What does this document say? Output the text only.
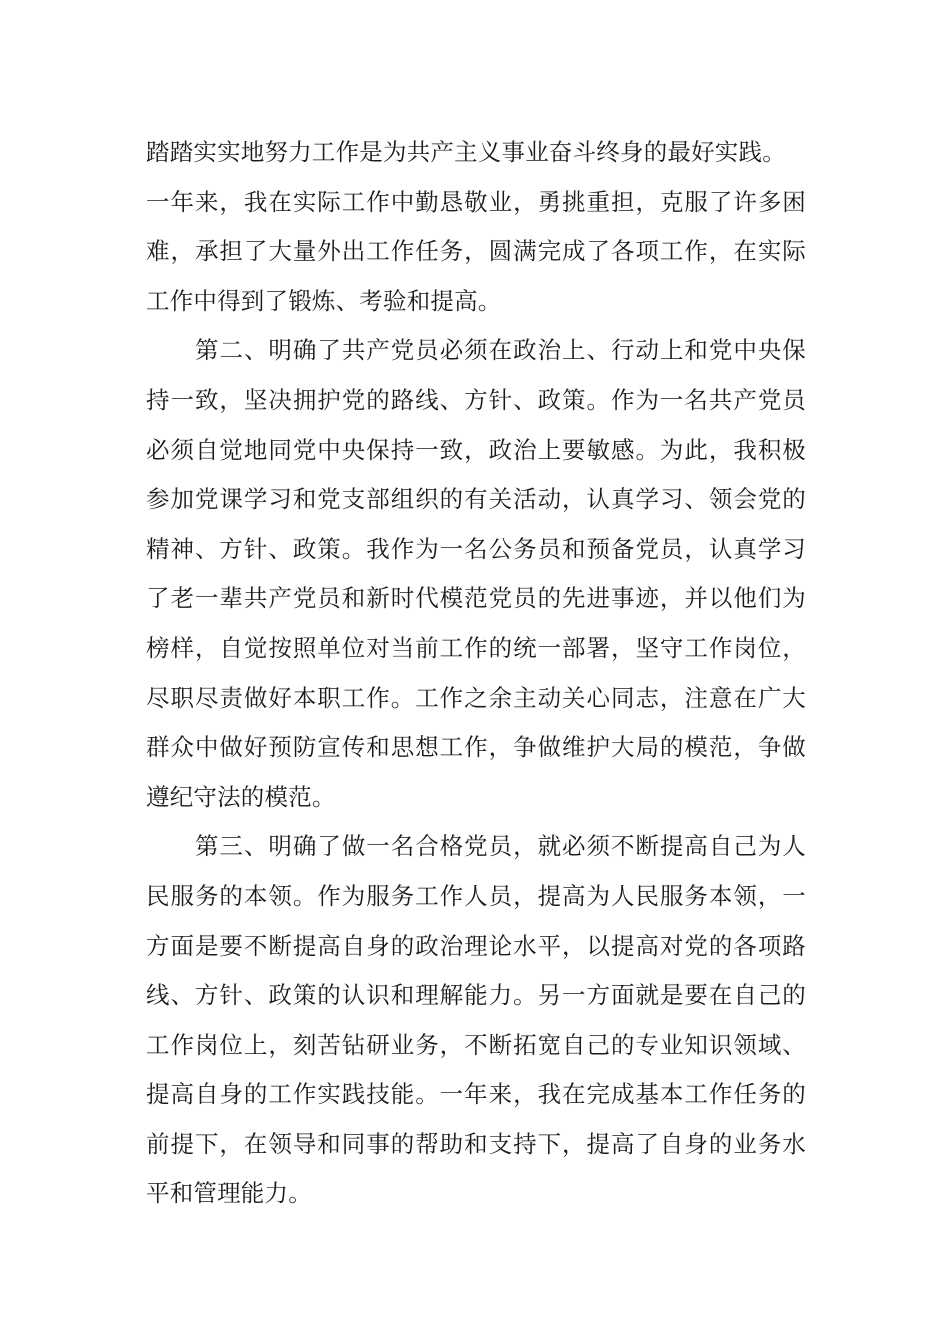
踏踏实实地努力工作是为共产主义事业奋斗终身的最好实践。
一年来，我在实际工作中勤恳敬业，勇挑重担，克服了许多困
难，承担了大量外出工作任务，圆满完成了各项工作，在实际
工作中得到了锻炼、考验和提高。
第二、明确了共产党员必须在政治上、行动上和党中央保
持一致，坚决拥护党的路线、方针、政策。作为一名共产党员
必须自觉地同党中央保持一致，政治上要敏感。为此，我积极
参加党课学习和党支部组织的有关活动，认真学习、领会党的
精神、方针、政策。我作为一名公务员和预备党员，认真学习
了老一辈共产党员和新时代模范党员的先进事迹，并以他们为
榜样，自觉按照单位对当前工作的统一部署，坚守工作岗位，
尽职尽责做好本职工作。工作之余主动关心同志，注意在广大
群众中做好预防宣传和思想工作，争做维护大局的模范，争做
遵纪守法的模范。
第三、明确了做一名合格党员，就必须不断提高自己为人
民服务的本领。作为服务工作人员，提高为人民服务本领，一
方面是要不断提高自身的政治理论水平，以提高对党的各项路
线、方针、政策的认识和理解能力。另一方面就是要在自己的
工作岗位上，刻苦钻研业务，不断拓宽自己的专业知识领域、
提高自身的工作实践技能。一年来，我在完成基本工作任务的
前提下，在领导和同事的帮助和支持下，提高了自身的业务水
平和管理能力。
